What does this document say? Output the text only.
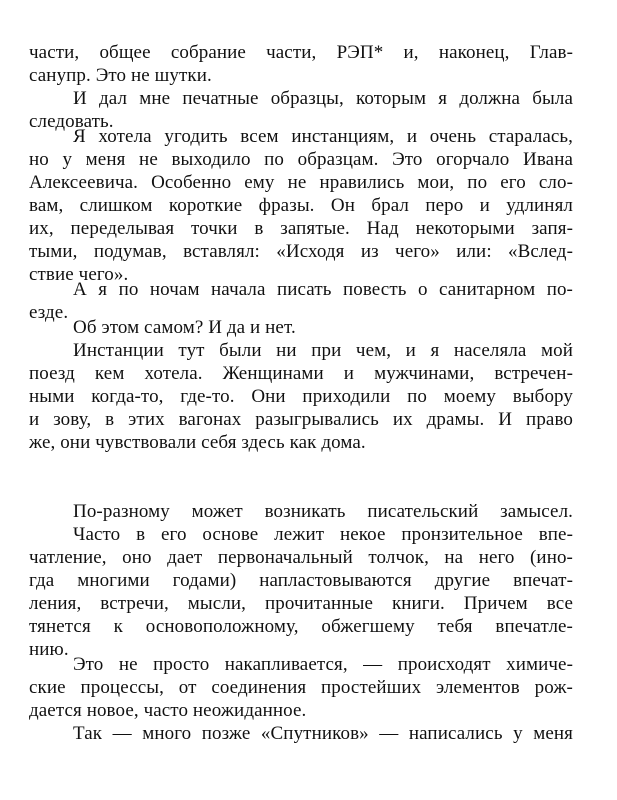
части, общее собрание части, РЭП* и, наконец, Глав-
санупр. Это не шутки.
И дал мне печатные образцы, которым я должна была
следовать.
Я хотела угодить всем инстанциям, и очень старалась,
но у меня не выходило по образцам. Это огорчало Ивана
Алексеевича. Особенно ему не нравились мои, по его сло-
вам, слишком короткие фразы. Он брал перо и удлинял
их, переделывая точки в запятые. Над некоторыми запя-
тыми, подумав, вставлял: «Исходя из чего» или: «Вслед-
ствие чего».
А я по ночам начала писать повесть о санитарном по-
езде.
Об этом самом? И да и нет.
Инстанции тут были ни при чем, и я населяла мой
поезд кем хотела. Женщинами и мужчинами, встречен-
ными когда-то, где-то. Они приходили по моему выбору
и зову, в этих вагонах разыгрывались их драмы. И право
же, они чувствовали себя здесь как дома.
По-разному может возникать писательский замысел.
Часто в его основе лежит некое пронзительное впе-
чатление, оно дает первоначальный толчок, на него (ино-
гда многими годами) напластовываются другие впечат-
ления, встречи, мысли, прочитанные книги. Причем все
тянется к основоположному, обжегшему тебя впечатле-
нию.
Это не просто накапливается, — происходят химиче-
ские процессы, от соединения простейших элементов рож-
дается новое, часто неожиданное.
Так — много позже «Спутников» — написались у меня
